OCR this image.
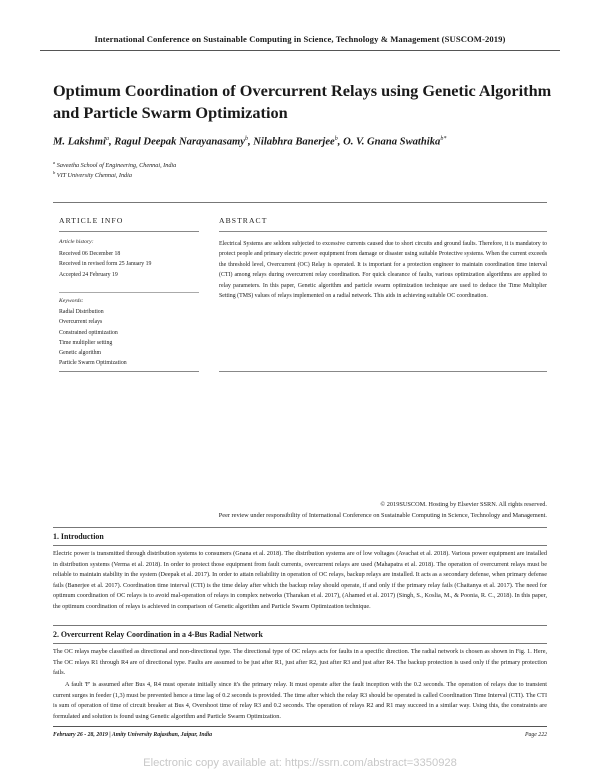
International Conference on Sustainable Computing in Science, Technology & Management (SUSCOM-2019)
Optimum Coordination of Overcurrent Relays using Genetic Algorithm and Particle Swarm Optimization
M. Lakshmi$^a$, Ragul Deepak Narayanasamy$^b$, Nilabhra Banerjee$^b$, O. V. Gnana Swathika$^{b*}$
$^a$ Saveetha School of Engineering, Chennai, India
$^b$ VIT University Chennai, India
ARTICLE INFO
Article history:
Received 06 December 18
Received in revised form 25 January 19
Accepted 24 February 19
Keywords:
Radial Distribution
Overcurrent relays
Constrained optimization
Time multiplier setting
Genetic algorithm
Particle Swarm Optimization
ABSTRACT
Electrical Systems are seldom subjected to excessive currents caused due to short circuits and ground faults. Therefore, it is mandatory to protect people and primary electric power equipment from damage or disaster using suitable Protective systems. When the current exceeds the threshold level, Overcurrent (OC) Relay is operated. It is important for a protection engineer to maintain coordination time interval (CTI) among relays during overcurrent relay coordination. For quick clearance of faults, various optimization algorithms are applied to relay parameters. In this paper, Genetic algorithm and particle swarm optimization technique are used to deduce the Time Multiplier Setting (TMS) values of relays implemented on a radial network. This aids in achieving suitable OC coordination.
© 2019SUSCOM. Hosting by Elsevier SSRN. All rights reserved.
Peer review under responsibility of International Conference on Sustainable Computing in Science, Technology and Management.
1. Introduction
Electric power is transmitted through distribution systems to consumers (Gnana et al. 2018). The distribution systems are of low voltages (Avachat et al. 2018). Various power equipment are installed in distribution systems (Verma et al. 2018). In order to protect those equipment from fault currents, overcurrent relays are used (Mahapatra et al. 2018). The operation of overcurrent relays must be reliable to maintain stability in the system (Deepak et al. 2017). In order to attain reliability in operation of OC relays, backup relays are installed. It acts as a secondary defense, when primary defense fails (Banerjee et al. 2017). Coordination time interval (CTI) is the time delay after which the backup relay should operate, if and only if the primary relay fails (Chaitanya et al. 2017). The need for optimum coordination of OC relays is to avoid mal-operation of relays in complex networks (Tharakan et al. 2017), (Ahamed et al. 2017) (Singh, S., Koslia, M., & Poonia, R. C., 2018). In this paper, the optimum coordination of relays is achieved in comparison of Genetic algorithm and Particle Swarm Optimization technique.
2. Overcurrent Relay Coordination in a 4-Bus Radial Network
The OC relays maybe classified as directional and non-directional type. The directional type of OC relays acts for faults in a specific direction. The radial network is chosen as shown in Fig. 1. Here, The OC relays R1 through R4 are of directional type. Faults are assumed to be just after R1, just after R2, just after R3 and just after R4. The backup protection is used only if the primary protection fails.
A fault 'F' is assumed after Bus 4, R4 must operate initially since it's the primary relay. It must operate after the fault inception with the 0.2 seconds. The operation of relays due to transient current surges in feeder (1,3) must be prevented hence a time lag of 0.2 seconds is provided. The time after which the relay R3 should be operated is called Coordination Time Interval (CTI). The CTI is sum of operation of time of circuit breaker at Bus 4, Overshoot time of relay R3 and 0.2 seconds. The operation of relays R2 and R1 may succeed in a similar way. Using this, the constraints are formulated and solution is found using Genetic algorithm and Particle Swarm Optimization.
February 26 - 28, 2019 | Amity University Rajasthan, Jaipur, India	Page 222
Electronic copy available at: https://ssrn.com/abstract=3350928
